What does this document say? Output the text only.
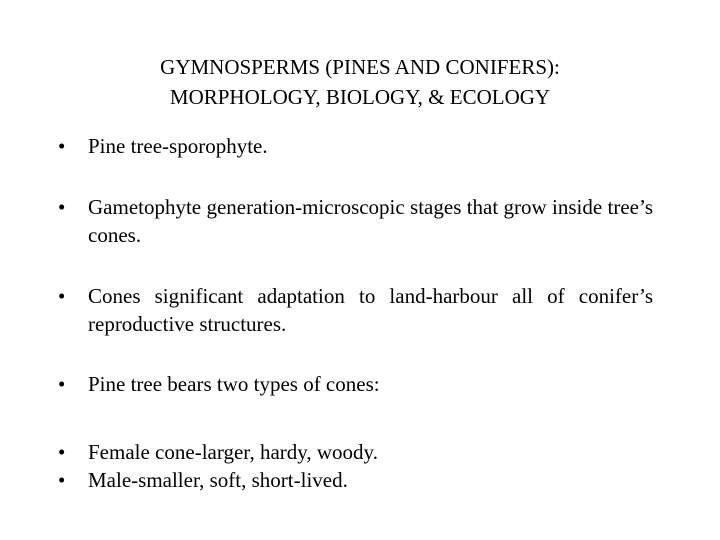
GYMNOSPERMS (PINES AND CONIFERS):
MORPHOLOGY, BIOLOGY, & ECOLOGY

•	Pine tree-sporophyte.

•	Gametophyte generation-microscopic stages that grow inside tree’s cones.

•	Cones significant adaptation to land-harbour all of conifer’s reproductive structures.

•	Pine tree bears two types of cones:

•	Female cone-larger, hardy, woody.

•	Male-smaller, soft, short-lived.
